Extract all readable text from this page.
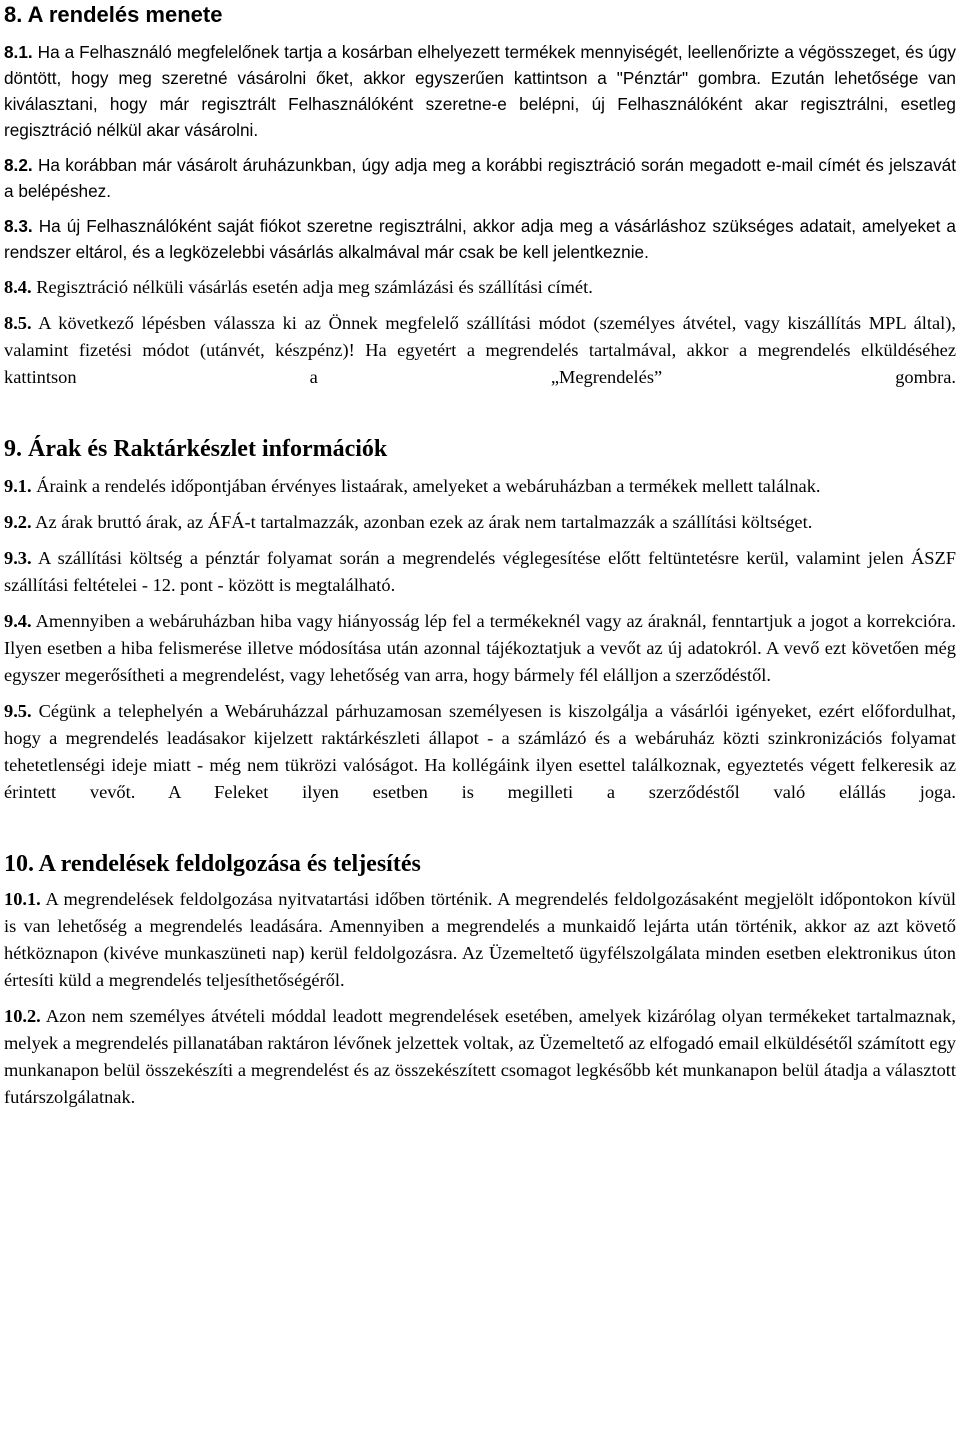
8. A rendelés menete

8.1. Ha a Felhasználó megfelelőnek tartja a kosárban elhelyezett termékek mennyiségét, leellenőrizte a végösszeget, és úgy döntött, hogy meg szeretné vásárolni őket, akkor egyszerűen kattintson a "Pénztár" gombra. Ezután lehetősége van kiválasztani, hogy már regisztrált Felhasználóként szeretne-e belépni, új Felhasználóként akar regisztrálni, esetleg regisztráció nélkül akar vásárolni.

8.2. Ha korábban már vásárolt áruházunkban, úgy adja meg a korábbi regisztráció során megadott e-mail címét és jelszavát a belépéshez.

8.3. Ha új Felhasználóként saját fiókot szeretne regisztrálni, akkor adja meg a vásárláshoz szükséges adatait, amelyeket a rendszer eltárol, és a legközelebbi vásárlás alkalmával már csak be kell jelentkeznie.

8.4. Regisztráció nélküli vásárlás esetén adja meg számlázási és szállítási címét.

8.5. A következő lépésben válassza ki az Önnek megfelelő szállítási módot (személyes átvétel, vagy kiszállítás MPL által), valamint fizetési módot (utánvét, készpénz)! Ha egyetért a megrendelés tartalmával, akkor a megrendelés elküldéséhez kattintson a „Megrendelés” gombra.

9. Árak és Raktárkészlet információk

9.1. Áraink a rendelés időpontjában érvényes listaárak, amelyeket a webáruházban a termékek mellett találnak.

9.2. Az árak bruttó árak, az ÁFÁ-t tartalmazzák, azonban ezek az árak nem tartalmazzák a szállítási költséget.

9.3. A szállítási költség a pénztár folyamat során a megrendelés véglegesítése előtt feltüntetésre kerül, valamint jelen ÁSZF szállítási feltételei - 12. pont - között is megtalálható.

9.4. Amennyiben a webáruházban hiba vagy hiányosság lép fel a termékeknél vagy az áraknál, fenntartjuk a jogot a korrekcióra. Ilyen esetben a hiba felismerése illetve módosítása után azonnal tájékoztatjuk a vevőt az új adatokról. A vevő ezt követően még egyszer megerősítheti a megrendelést, vagy lehetőség van arra, hogy bármely fél elálljon a szerződéstől.

9.5. Cégünk a telephelyén a Webáruházzal párhuzamosan személyesen is kiszolgálja a vásárlói igényeket, ezért előfordulhat, hogy a megrendelés leadásakor kijelzett raktárkészleti állapot - a számlázó és a webáruház közti szinkronizációs folyamat tehetetlenségi ideje miatt - még nem tükrözi valóságot. Ha kollégáink ilyen esettel találkoznak, egyeztetés végett felkeresik az érintett vevőt. A Feleket ilyen esetben is megilleti a szerződéstől való elállás joga.

10. A rendelések feldolgozása és teljesítés

10.1. A megrendelések feldolgozása nyitvatartási időben történik. A megrendelés feldolgozásaként megjelölt időpontokon kívül is van lehetőség a megrendelés leadására. Amennyiben a megrendelés a munkaidő lejárta után történik, akkor az azt követő hétköznapon (kivéve munkaszüneti nap) kerül feldolgozásra. Az Üzemeltető ügyfélszolgálata minden esetben elektronikus úton értesíti küld a megrendelés teljesíthetőségéről.

10.2. Azon nem személyes átvételi móddal leadott megrendelések esetében, amelyek kizárólag olyan termékeket tartalmaznak, melyek a megrendelés pillanatában raktáron lévőnek jelzettek voltak, az Üzemeltető az elfogadó email elküldésétől számított egy munkanapon belül összekészíti a megrendelést és az összekészített csomagot legkésőbb két munkanapon belül átadja a választott futárszolgálatnak.
